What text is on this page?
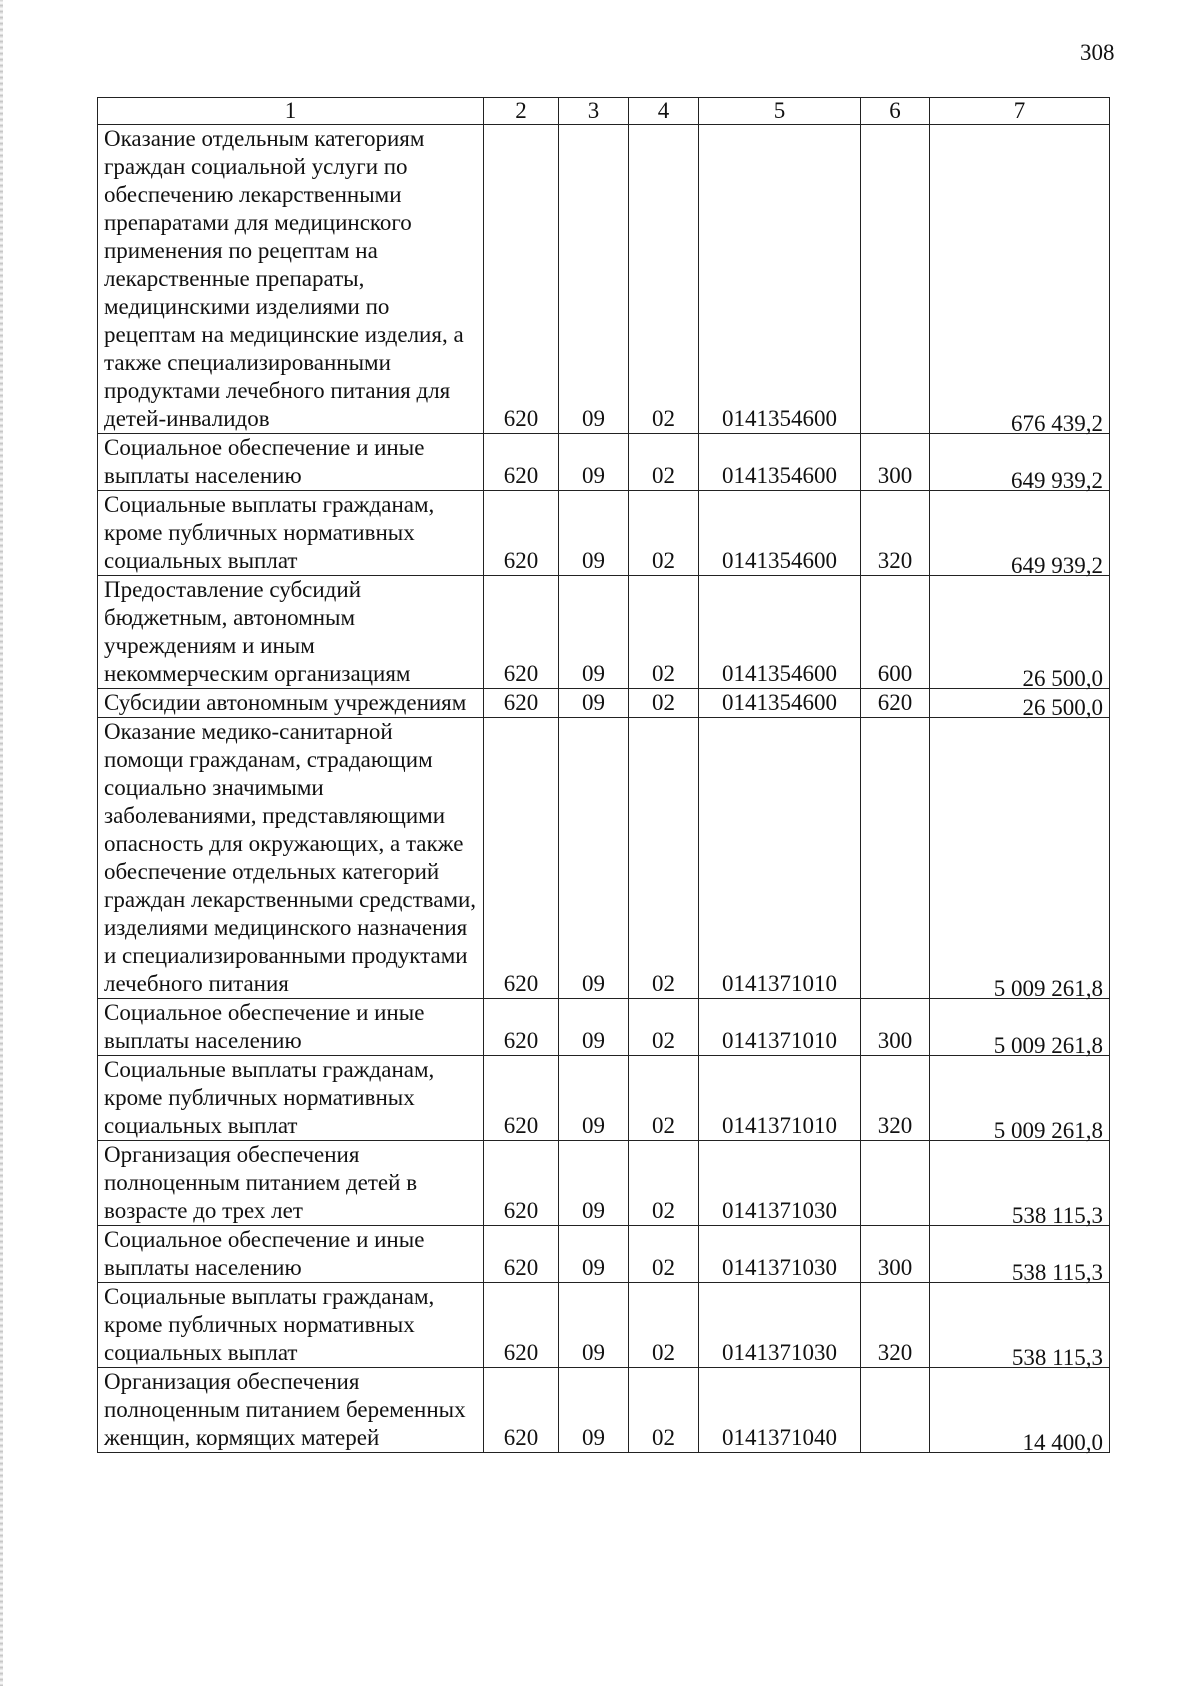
308
1	2	3	4	5	6	7
Оказание отдельным категориям граждан социальной услуги по обеспечению лекарственными препаратами для медицинского применения по рецептам на лекарственные препараты, медицинскими изделиями по рецептам на медицинские изделия, а также специализированными продуктами лечебного питания для детей-инвалидов	620	09	02	0141354600		676 439,2
Социальное обеспечение и иные выплаты населению	620	09	02	0141354600	300	649 939,2
Социальные выплаты гражданам, кроме публичных нормативных социальных выплат	620	09	02	0141354600	320	649 939,2
Предоставление субсидий бюджетным, автономным учреждениям и иным некоммерческим организациям	620	09	02	0141354600	600	26 500,0
Субсидии автономным учреждениям	620	09	02	0141354600	620	26 500,0
Оказание медико-санитарной помощи гражданам, страдающим социально значимыми заболеваниями, представляющими опасность для окружающих, а также обеспечение отдельных категорий граждан лекарственными средствами, изделиями медицинского назначения и специализированными продуктами лечебного питания	620	09	02	0141371010		5 009 261,8
Социальное обеспечение и иные выплаты населению	620	09	02	0141371010	300	5 009 261,8
Социальные выплаты гражданам, кроме публичных нормативных социальных выплат	620	09	02	0141371010	320	5 009 261,8
Организация обеспечения полноценным питанием детей в возрасте до трех лет	620	09	02	0141371030		538 115,3
Социальное обеспечение и иные выплаты населению	620	09	02	0141371030	300	538 115,3
Социальные выплаты гражданам, кроме публичных нормативных социальных выплат	620	09	02	0141371030	320	538 115,3
Организация обеспечения полноценным питанием беременных женщин, кормящих матерей	620	09	02	0141371040		14 400,0
